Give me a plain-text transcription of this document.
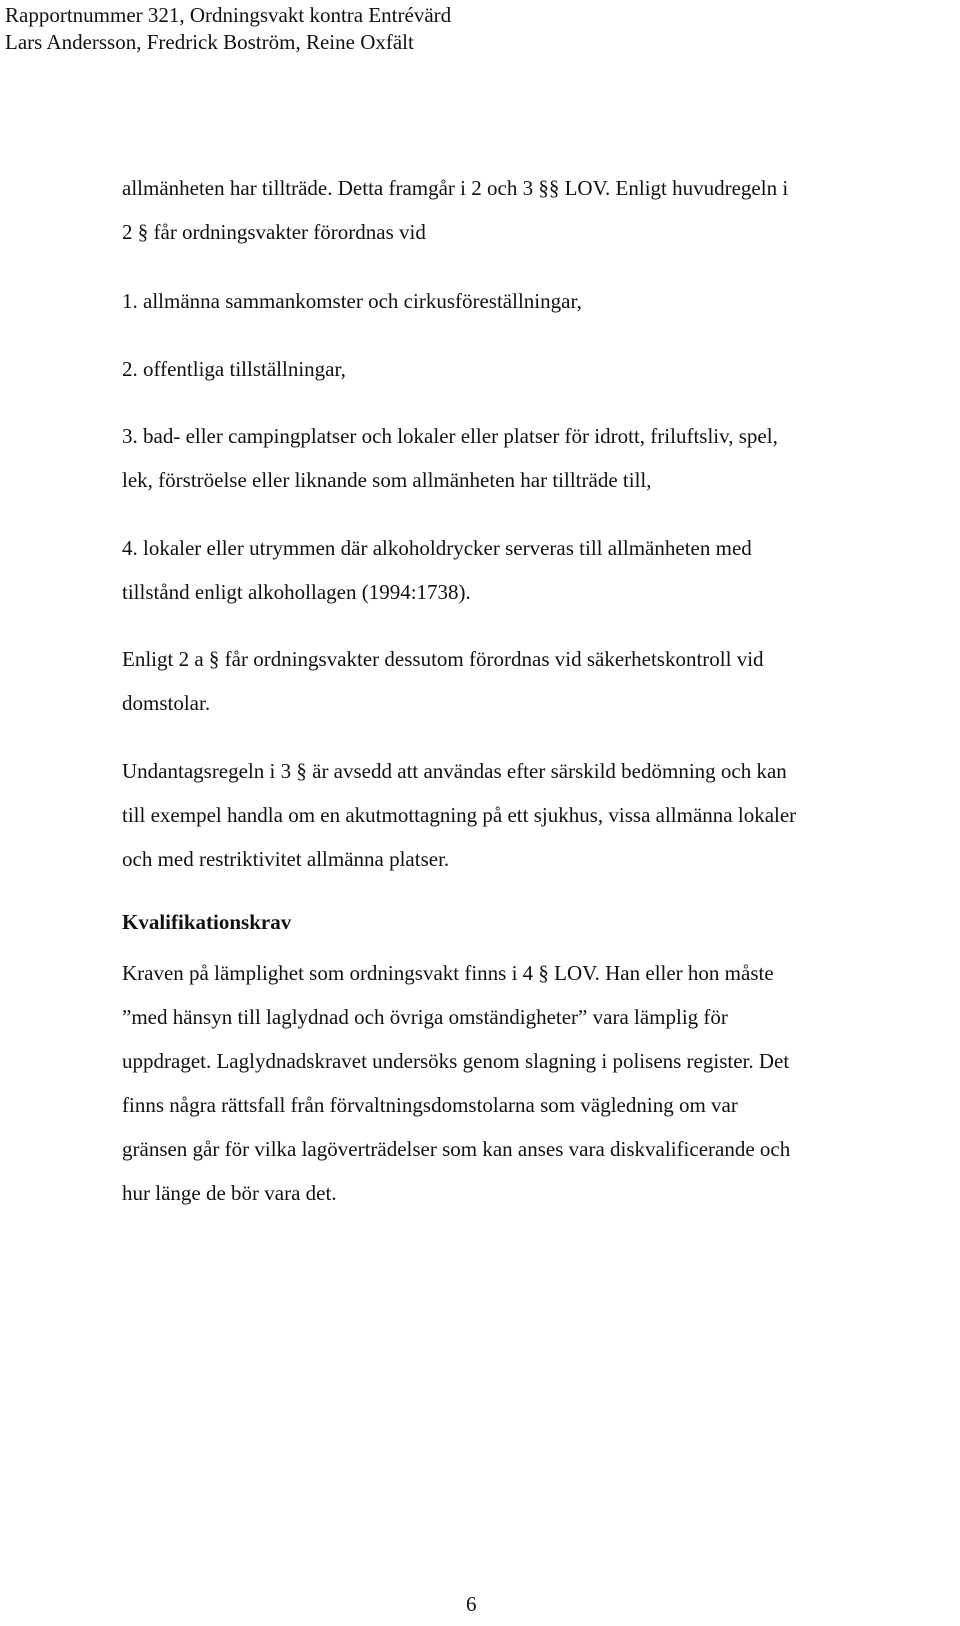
Rapportnummer 321, Ordningsvakt kontra Entrévärd
Lars Andersson, Fredrick Boström, Reine Oxfält
allmänheten har tillträde. Detta framgår i 2 och 3 §§ LOV. Enligt huvudregeln i
2 § får ordningsvakter förordnas vid
1. allmänna sammankomster och cirkusföreställningar,
2. offentliga tillställningar,
3. bad- eller campingplatser och lokaler eller platser för idrott, friluftsliv, spel,
lek, förströelse eller liknande som allmänheten har tillträde till,
4. lokaler eller utrymmen där alkoholdrycker serveras till allmänheten med
tillstånd enligt alkohollagen (1994:1738).
Enligt 2 a § får ordningsvakter dessutom förordnas vid säkerhetskontroll vid
domstolar.
Undantagsregeln i 3 § är avsedd att användas efter särskild bedömning och kan
till exempel handla om en akutmottagning på ett sjukhus, vissa allmänna lokaler
och med restriktivitet allmänna platser.
Kvalifikationskrav
Kraven på lämplighet som ordningsvakt finns i 4 § LOV. Han eller hon måste
”med hänsyn till laglydnad och övriga omständigheter” vara lämplig för
uppdraget. Laglydnadskravet undersöks genom slagning i polisens register. Det
finns några rättsfall från förvaltningsdomstolarna som vägledning om var
gränsen går för vilka lagöverträdelser som kan anses vara diskvalificerande och
hur länge de bör vara det.
6
